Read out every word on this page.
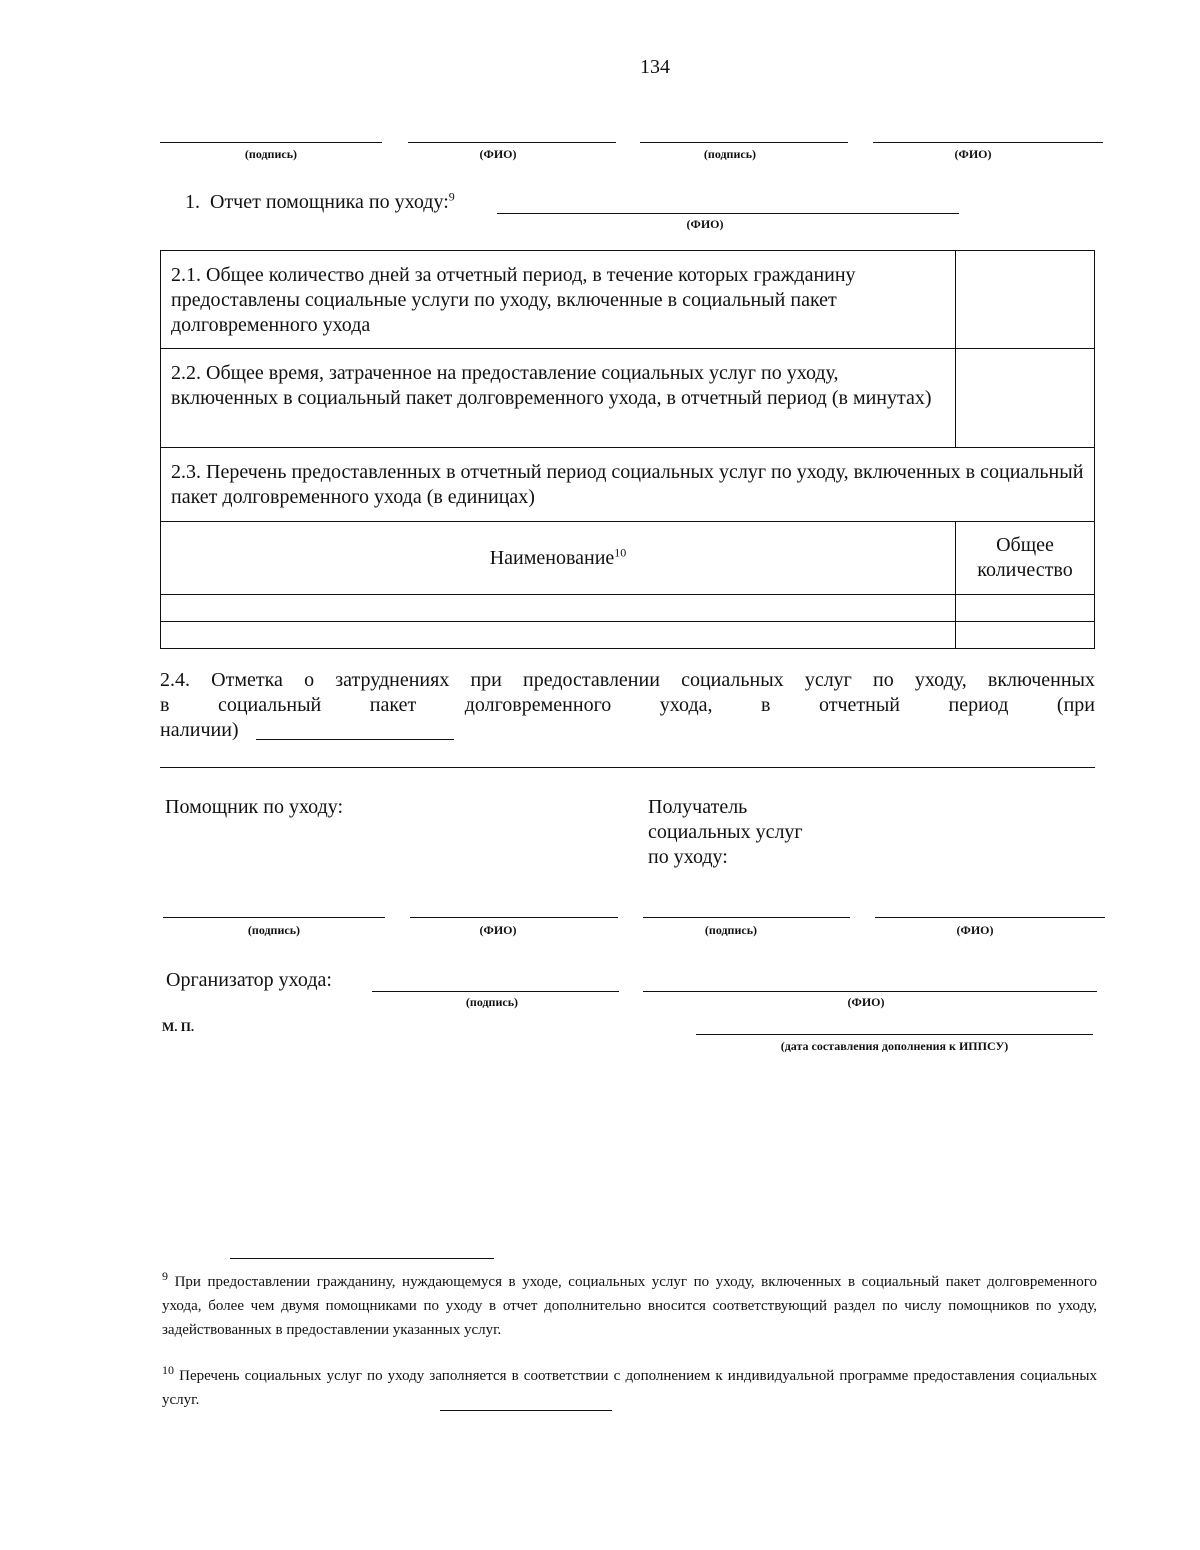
134
(подпись)	(ФИО)	(подпись)	(ФИО)
1. Отчет помощника по уходу:$^9$
(ФИО)
2.1. Общее количество дней за отчетный период, в течение которых гражданину предоставлены социальные услуги по уходу, включенные в социальный пакет долговременного ухода	
2.2. Общее время, затраченное на предоставление социальных услуг по уходу, включенных в социальный пакет долговременного ухода, в отчетный период (в минутах)	
2.3. Перечень предоставленных в отчетный период социальных услуг по уходу, включенных в социальный пакет долговременного ухода (в единицах)	
Наименование$^{10}$	Общее
количество

2.4. Отметка о затруднениях при предоставлении социальных услуг по уходу, включенных
в социальный пакет долговременного ухода, в отчетный период (при
наличии)
Помощник по уходу:	Получатель
социальных услуг
по уходу:
(подпись)	(ФИО)	(подпись)	(ФИО)
Организатор ухода:
(подпись)	(ФИО)
М. П.
(дата составления дополнения к ИППСУ)
$^9$ При предоставлении гражданину, нуждающемуся в уходе, социальных услуг по уходу, включенных в социальный пакет долговременного ухода, более чем двумя помощниками по уходу в отчет дополнительно вносится соответствующий раздел по числу помощников по уходу, задействованных в предоставлении указанных услуг.
$^{10}$ Перечень социальных услуг по уходу заполняется в соответствии с дополнением к индивидуальной программе предоставления социальных услуг.
